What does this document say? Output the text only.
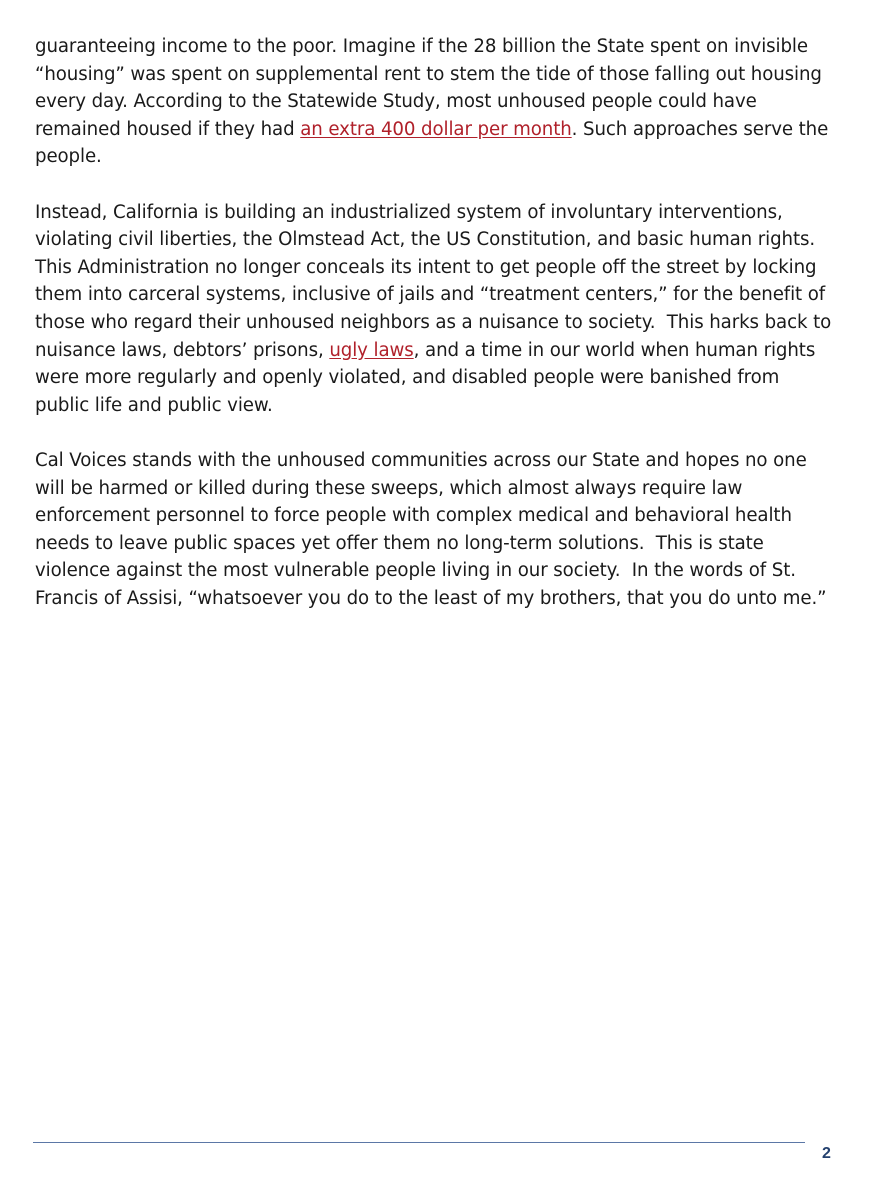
guaranteeing income to the poor. Imagine if the 28 billion the State spent on invisible “housing” was spent on supplemental rent to stem the tide of those falling out housing every day. According to the Statewide Study, most unhoused people could have remained housed if they had an extra 400 dollar per month. Such approaches serve the people.

Instead, California is building an industrialized system of involuntary interventions, violating civil liberties, the Olmstead Act, the US Constitution, and basic human rights. This Administration no longer conceals its intent to get people off the street by locking them into carceral systems, inclusive of jails and “treatment centers,” for the benefit of those who regard their unhoused neighbors as a nuisance to society.  This harks back to nuisance laws, debtors’ prisons, ugly laws, and a time in our world when human rights were more regularly and openly violated, and disabled people were banished from public life and public view.

Cal Voices stands with the unhoused communities across our State and hopes no one will be harmed or killed during these sweeps, which almost always require law enforcement personnel to force people with complex medical and behavioral health needs to leave public spaces yet offer them no long-term solutions.  This is state violence against the most vulnerable people living in our society.  In the words of St. Francis of Assisi, “whatsoever you do to the least of my brothers, that you do unto me.”

2
